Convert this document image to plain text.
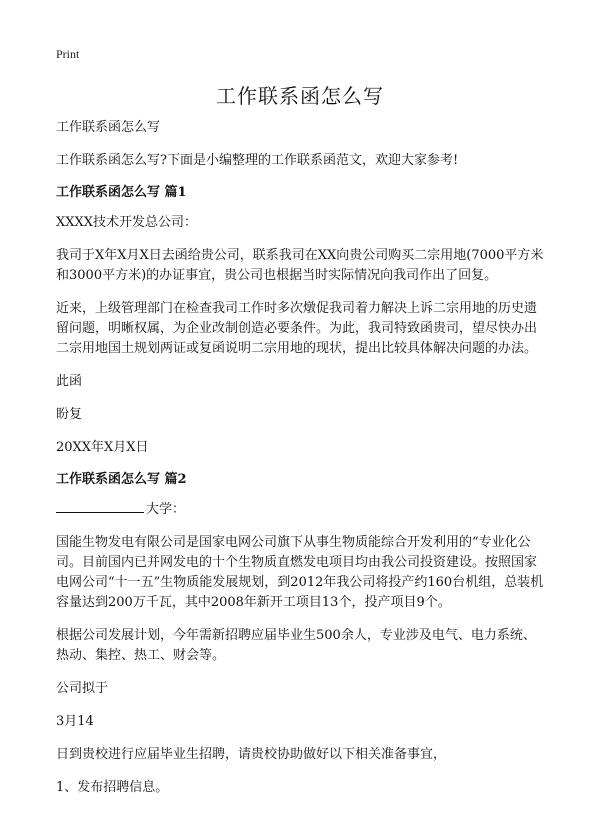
Print
工作联系函怎么写

工作联系函怎么写

工作联系函怎么写?下面是小编整理的工作联系函范文，欢迎大家参考!

工作联系函怎么写 篇1

XXXX技术开发总公司：

我司于X年X月X日去函给贵公司，联系我司在XX向贵公司购买二宗用地(7000平方米和3000平方米)的办证事宜，贵公司也根据当时实际情况向我司作出了回复。

近来，上级管理部门在检查我司工作时多次燉促我司着力解决上诉二宗用地的历史遗留问题，明晰权属，为企业改制创造必要条件。为此，我司特致函贵司，望尽快办出二宗用地国土规划两证或复函说明二宗用地的现状，提出比较具体解决问题的办法。

此函

盼复

20XX年X月X日

工作联系函怎么写 篇2

大学：

国能生物发电有限公司是国家电网公司旗下从事生物质能综合开发利用的“专业化公司。目前国内已并网发电的十个生物质直燃发电项目均由我公司投资建设。按照国家电网公司“十一五”生物质能发展规划，到2012年我公司将投产约160台机组，总装机容量达到200万千瓦，其中2008年新开工项目13个，投产项目9个。

根据公司发展计划，今年需新招聘应届毕业生500余人，专业涉及电气、电力系统、热动、集控、热工、财会等。

公司拟于

3月14

日到贵校进行应届毕业生招聘，请贵校协助做好以下相关准备事宜，

1、发布招聘信息。
